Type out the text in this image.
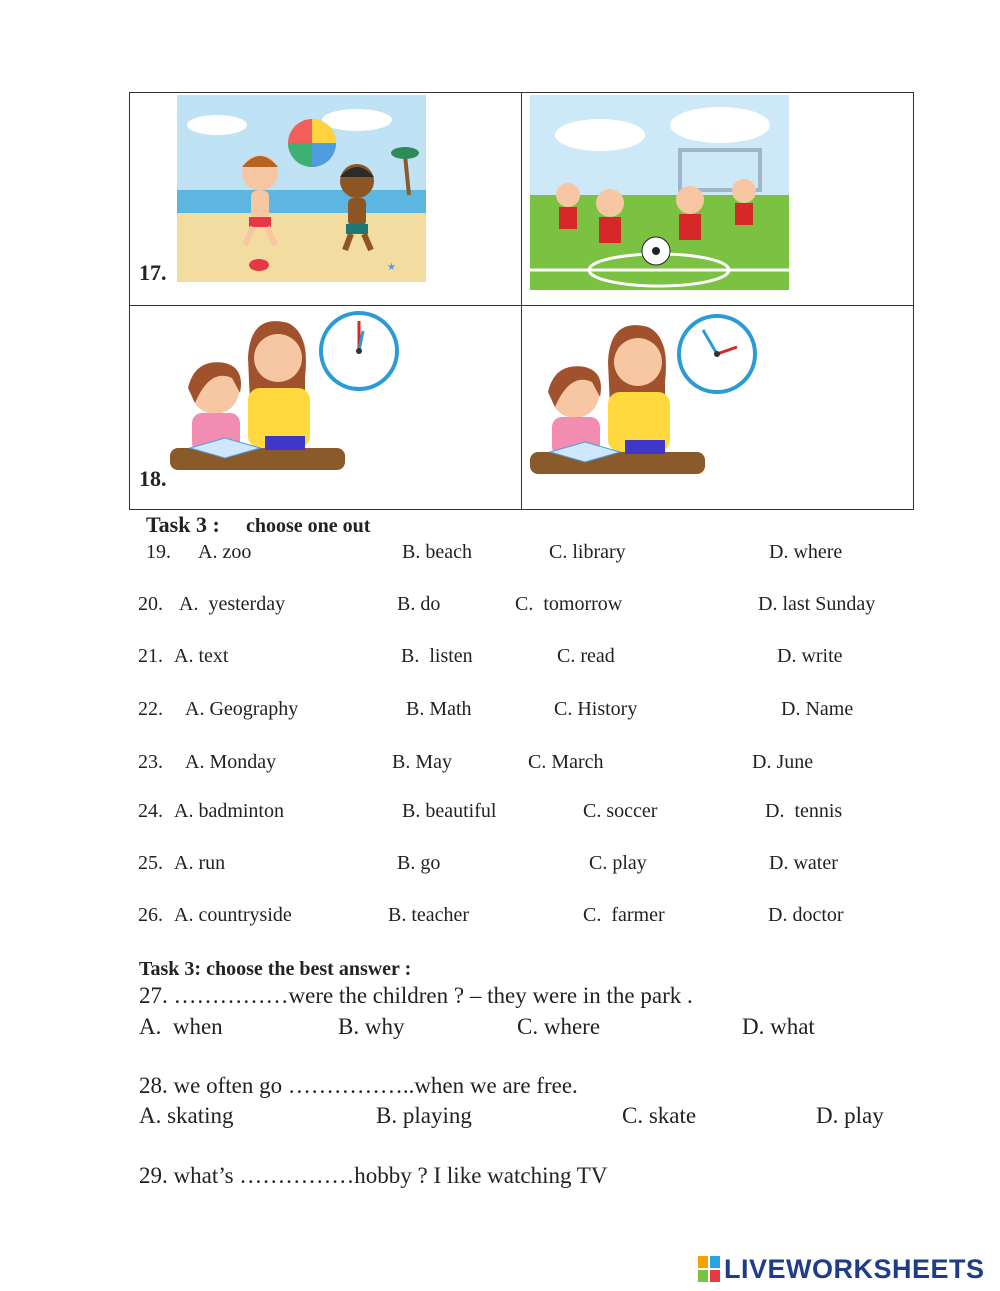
17.
18.
★
Task 3 : choose one out
19. A. zoo	B. beach	C. library	D. where
20. A.  yesterday	B. do	C.  tomorrow	D. last Sunday
21. A. text	B.  listen	C. read	D. write
22. A. Geography	B. Math	C. History	D. Name
23. A. Monday	B. May	C. March	D. June
24. A. badminton	B. beautiful	C. soccer	D.  tennis
25. A. run	B. go	C. play	D. water
26. A. countryside	B. teacher	C.  farmer	D. doctor
Task 3: choose the best answer :
27. ……………were the children ? – they were in the park .
A.  when	B. why	C. where	D. what
28. we often go ……………..when we are free.
A. skating	B. playing	C. skate	D. play
29. what’s ……………hobby ? I like watching TV
LIVEWORKSHEETS
